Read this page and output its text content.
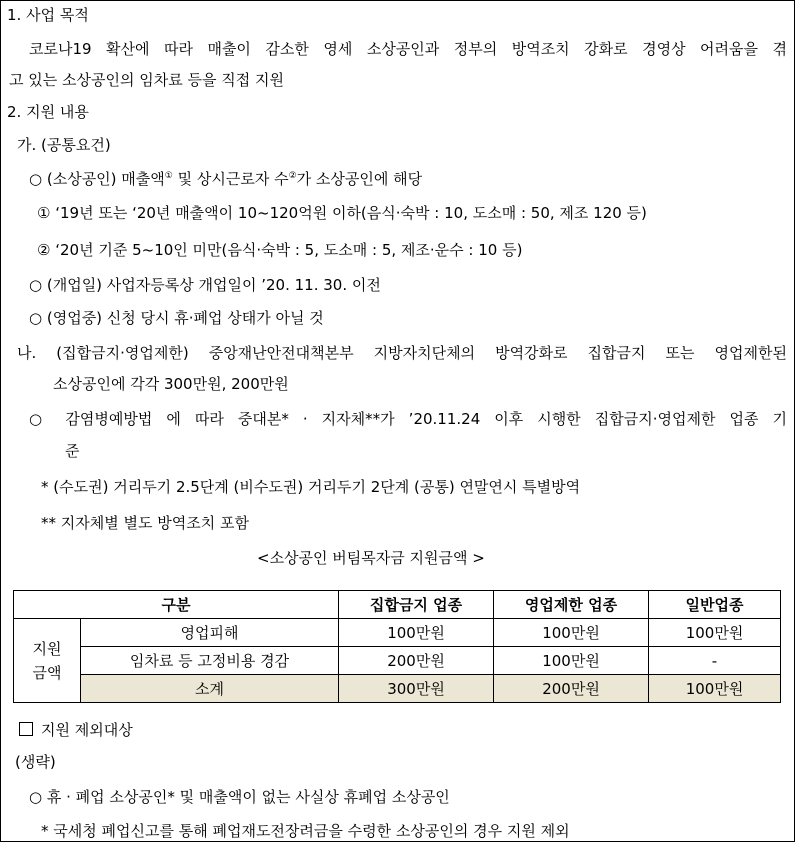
1. 사업 목적
코로나19 확산에 따라 매출이 감소한 영세 소상공인과 정부의 방역조치 강화로 경영상 어려움을 겪
고 있는 소상공인의 임차료 등을 직접 지원
2. 지원 내용
가. (공통요건)
○ (소상공인) 매출액① 및 상시근로자 수②가 소상공인에 해당
① ‘19년 또는 ‘20년 매출액이 10~120억원 이하(음식·숙박 : 10, 도소매 : 50, 제조 120 등)
② ‘20년 기준 5~10인 미만(음식·숙박 : 5, 도소매 : 5, 제조·운수 : 10 등)
○ (개업일) 사업자등록상 개업일이 ’20. 11. 30. 이전
○ (영업중) 신청 당시 휴·폐업 상태가 아닐 것
나. (집합금지·영업제한) 중앙재난안전대책본부 지방자치단체의 방역강화로 집합금지 또는 영업제한된
소상공인에 각각 300만원, 200만원
○ 감염병예방법 에 따라 중대본* · 지자체**가 ’20.11.24 이후 시행한 집합금지·영업제한 업종 기
준
* (수도권) 거리두기 2.5단계 (비수도권) 거리두기 2단계 (공통) 연말연시 특별방역
** 지자체별 별도 방역조치 포함
<소상공인 버팀목자금 지원금액 >
구분		집합금지 업종	영업제한 업종	일반업종
지원
금액	영업피해	100만원	100만원	100만원
	임차료 등 고정비용 경감	200만원	100만원	-
	소계	300만원	200만원	100만원
지원 제외대상
(생략)
○ 휴 · 폐업 소상공인* 및 매출액이 없는 사실상 휴폐업 소상공인
* 국세청 폐업신고를 통해 폐업재도전장려금을 수령한 소상공인의 경우 지원 제외
